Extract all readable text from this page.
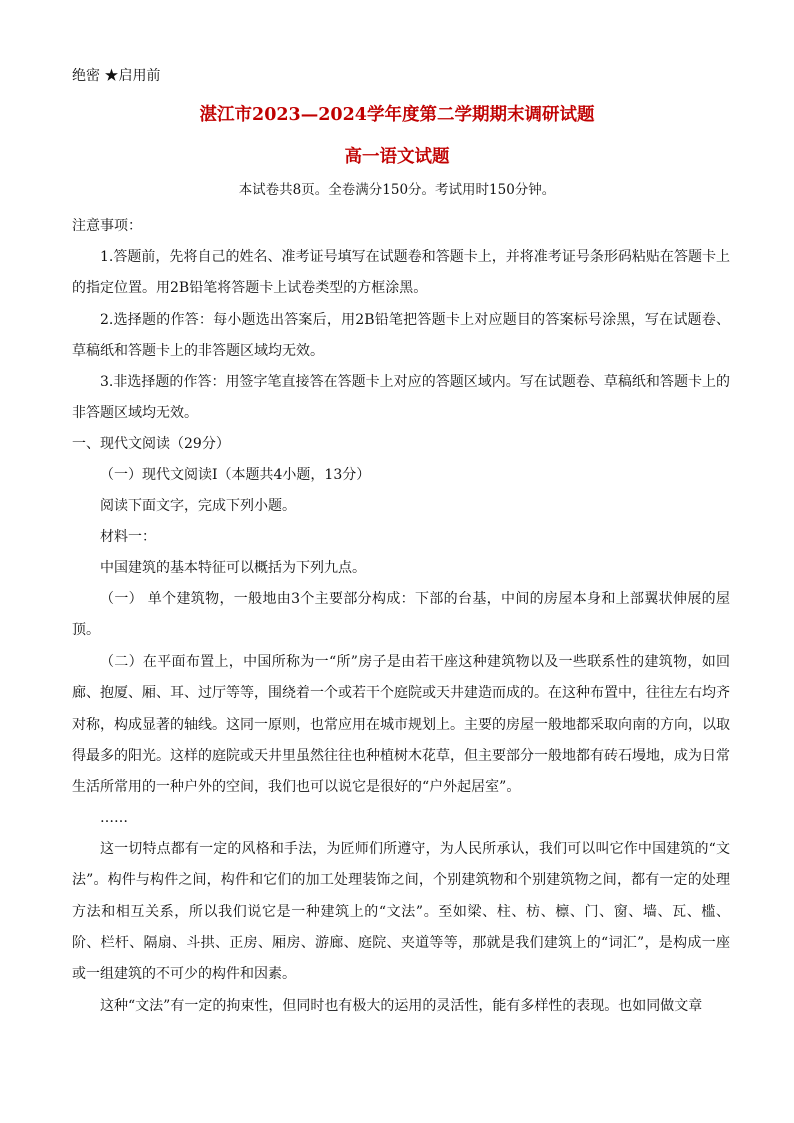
绝密 ★启用前
湛江市2023—2024学年度第二学期期末调研试题
高一语文试题
本试卷共8页。全卷满分150分。考试用时150分钟。
注意事项：
1.答题前，先将自己的姓名、准考证号填写在试题卷和答题卡上，并将准考证号条形码粘贴在答题卡上的指定位置。用2B铅笔将答题卡上试卷类型的方框涂黑。
2.选择题的作答：每小题选出答案后，用2B铅笔把答题卡上对应题目的答案标号涂黑，写在试题卷、草稿纸和答题卡上的非答题区域均无效。
3.非选择题的作答：用签字笔直接答在答题卡上对应的答题区域内。写在试题卷、草稿纸和答题卡上的非答题区域均无效。
一、现代文阅读（29分）
（一）现代文阅读Ⅰ（本题共4小题，13分）
阅读下面文字，完成下列小题。
材料一：
中国建筑的基本特征可以概括为下列九点。
（一） 单个建筑物，一般地由3个主要部分构成：下部的台基，中间的房屋本身和上部翼状伸展的屋顶。
（二）在平面布置上，中国所称为一“所”房子是由若干座这种建筑物以及一些联系性的建筑物，如回廊、抱厦、厢、耳、过厅等等，围绕着一个或若干个庭院或天井建造而成的。在这种布置中，往往左右均齐对称，构成显著的轴线。这同一原则，也常应用在城市规划上。主要的房屋一般地都采取向南的方向，以取得最多的阳光。这样的庭院或天井里虽然往往也种植树木花草，但主要部分一般地都有砖石墁地，成为日常生活所常用的一种户外的空间，我们也可以说它是很好的“户外起居室”。
……
这一切特点都有一定的风格和手法，为匠师们所遵守，为人民所承认，我们可以叫它作中国建筑的“文法”。构件与构件之间，构件和它们的加工处理装饰之间，个别建筑物和个别建筑物之间，都有一定的处理方法和相互关系，所以我们说它是一种建筑上的“文法”。至如梁、柱、枋、檩、门、窗、墙、瓦、槛、阶、栏杆、隔扇、斗拱、正房、厢房、游廊、庭院、夹道等等，那就是我们建筑上的“词汇”，是构成一座或一组建筑的不可少的构件和因素。
这种“文法”有一定的拘束性，但同时也有极大的运用的灵活性，能有多样性的表现。也如同做文章
